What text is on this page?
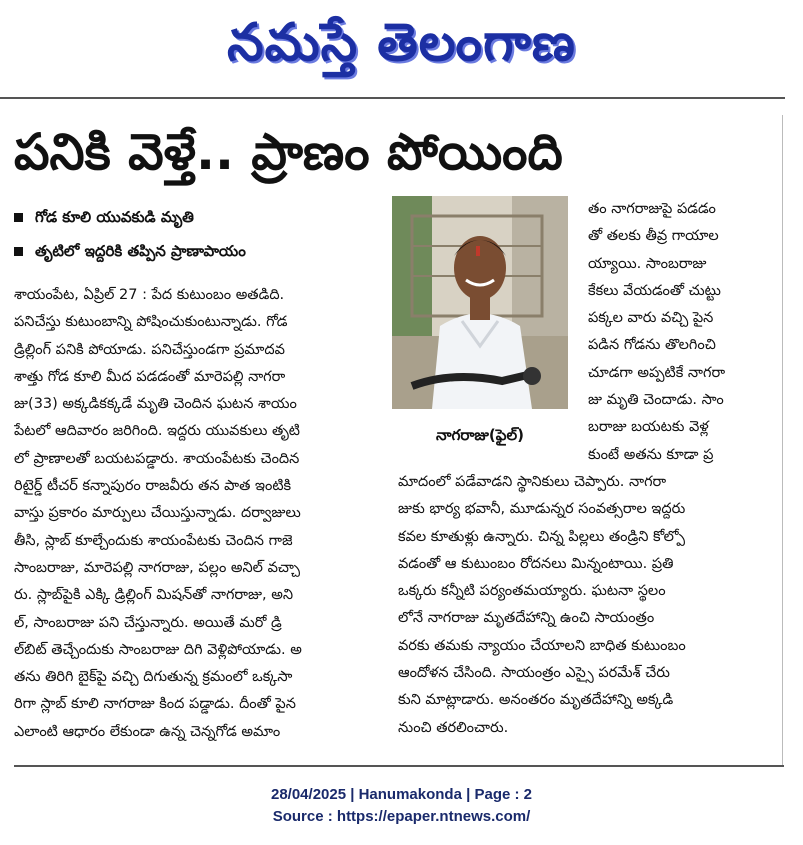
నమస్తే తెలంగాణ
పనికి వెళ్తే.. ప్రాణం పోయింది
గోడ కూలి యువకుడి మృతి
తృటిలో ఇద్దరికి తప్పిన ప్రాణాపాయం
శాయంపేట, ఏప్రిల్ 27 : పేద కుటుంబం అతడిది.
పనిచేస్తు కుటుంబాన్ని పోషించుకుంటున్నాడు. గోడ
డ్రిల్లింగ్ పనికి పోయాడు. పనిచేస్తుండగా ప్రమాదవ
శాత్తు గోడ కూలి మీద పడడంతో మారెపల్లి నాగరా
జు(33) అక్కడికక్కడే మృతి చెందిన ఘటన శాయం
పేటలో ఆదివారం జరిగింది. ఇద్దరు యువకులు తృటి
లో ప్రాణాలతో బయటపడ్డారు. శాయంపేటకు చెందిన
రిటైర్డ్ టీచర్ కన్నాపురం రాజవీరు తన పాత ఇంటికి
వాస్తు ప్రకారం మార్పులు చేయిస్తున్నాడు. దర్వాజులు
తీసి, స్లాబ్ కూల్చేందుకు శాయంపేటకు చెందిన గాజె
సాంబరాజు, మారెపల్లి నాగరాజు, పల్లం అనిల్ వచ్చా
రు. స్లాబ్‌పైకి ఎక్కి డ్రిల్లింగ్ మిషన్‌తో నాగరాజు, అని
ల్, సాంబరాజు పని చేస్తున్నారు. అయితే మరో డ్రి
ల్‌బిట్ తెచ్చేందుకు సాంబరాజు దిగి వెళ్లిపోయాడు. అ
తను తిరిగి బైక్‌పై వచ్చి దిగుతున్న క్రమంలో ఒక్కసా
రిగా స్లాబ్ కూలి నాగరాజు కింద పడ్డాడు. దీంతో పైన
ఎలాంటి ఆధారం లేకుండా ఉన్న చెన్నగోడ అమాం
నాగరాజు(ఫైల్)
తం నాగరాజుపై పడడం
తో తలకు తీవ్ర గాయాల
య్యాయి. సాంబరాజు
కేకలు వేయడంతో చుట్టు
పక్కల వారు వచ్చి పైన
పడిన గోడను తొలగించి
చూడగా అప్పటికే నాగరా
జు మృతి చెందాడు. సాం
బరాజు బయటకు వెళ్ల
కుంటే అతను కూడా ప్ర
మాదంలో పడేవాడని స్థానికులు చెప్పారు. నాగరా
జుకు భార్య భవానీ, మూడున్నర సంవత్సరాల ఇద్దరు
కవల కూతుళ్లు ఉన్నారు. చిన్న పిల్లలు తండ్రిని కోల్పో
వడంతో ఆ కుటుంబం రోదనలు మిన్నంటాయి. ప్రతి
ఒక్కరు కన్నీటి పర్యంతమయ్యారు. ఘటనా స్థలం
లోనే నాగరాజు మృతదేహాన్ని ఉంచి సాయంత్రం
వరకు తమకు న్యాయం చేయాలని బాధిత కుటుంబం
ఆందోళన చేసింది. సాయంత్రం ఎస్సై పరమేశ్ చేరు
కుని మాట్లాడారు. అనంతరం మృతదేహాన్ని అక్కడి
నుంచి తరలించారు.
28/04/2025 | Hanumakonda | Page : 2
Source : https://epaper.ntnews.com/
